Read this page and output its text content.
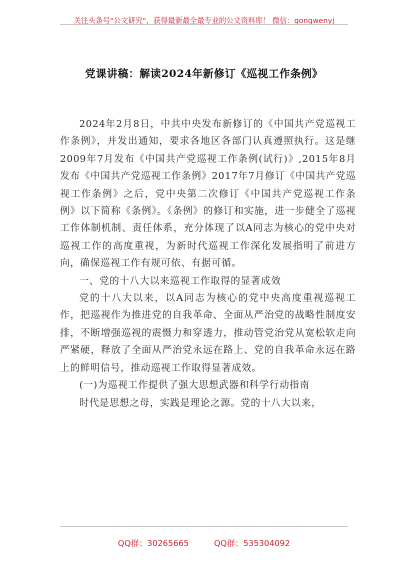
关注头条号"公文研究"，获得最新最全最专业的公文资料库！ 微信：gongwenyj
党课讲稿：解读2024年新修订《巡视工作条例》

2024年2月8日，中共中央发布新修订的《中国共产党巡视工作条例》，并发出通知，要求各地区各部门认真遵照执行。这是继2009年7月发布《中国共产党巡视工作条例(试行)》,2015年8月发布《中国共产党巡视工作条例》2017年7月修订《中国共产党巡视工作条例》之后，党中央第二次修订《中国共产党巡视工作条例》以下简称《条例》。《条例》的修订和实施，进一步健全了巡视工作体制机制、责任体系，充分体现了以A同志为核心的党中央对巡视工作的高度重视，为新时代巡视工作深化发展指明了前进方向，确保巡视工作有规可依、有据可循。

一、党的十八大以来巡视工作取得的显著成效

党的十八大以来，以A同志为核心的党中央高度重视巡视工作，把巡视作为推进党的自我革命、全面从严治党的战略性制度安排，不断增强巡视的震慑力和穿透力，推动管党治党从宽松软走向严紧硬，释放了全面从严治党永远在路上、党的自我革命永远在路上的鲜明信号，推动巡视工作取得显著成效。

(一)为巡视工作提供了强大思想武器和科学行动指南

时代是思想之母，实践是理论之源。党的十八大以来，

QQ群：30265665	QQ群：535304092
